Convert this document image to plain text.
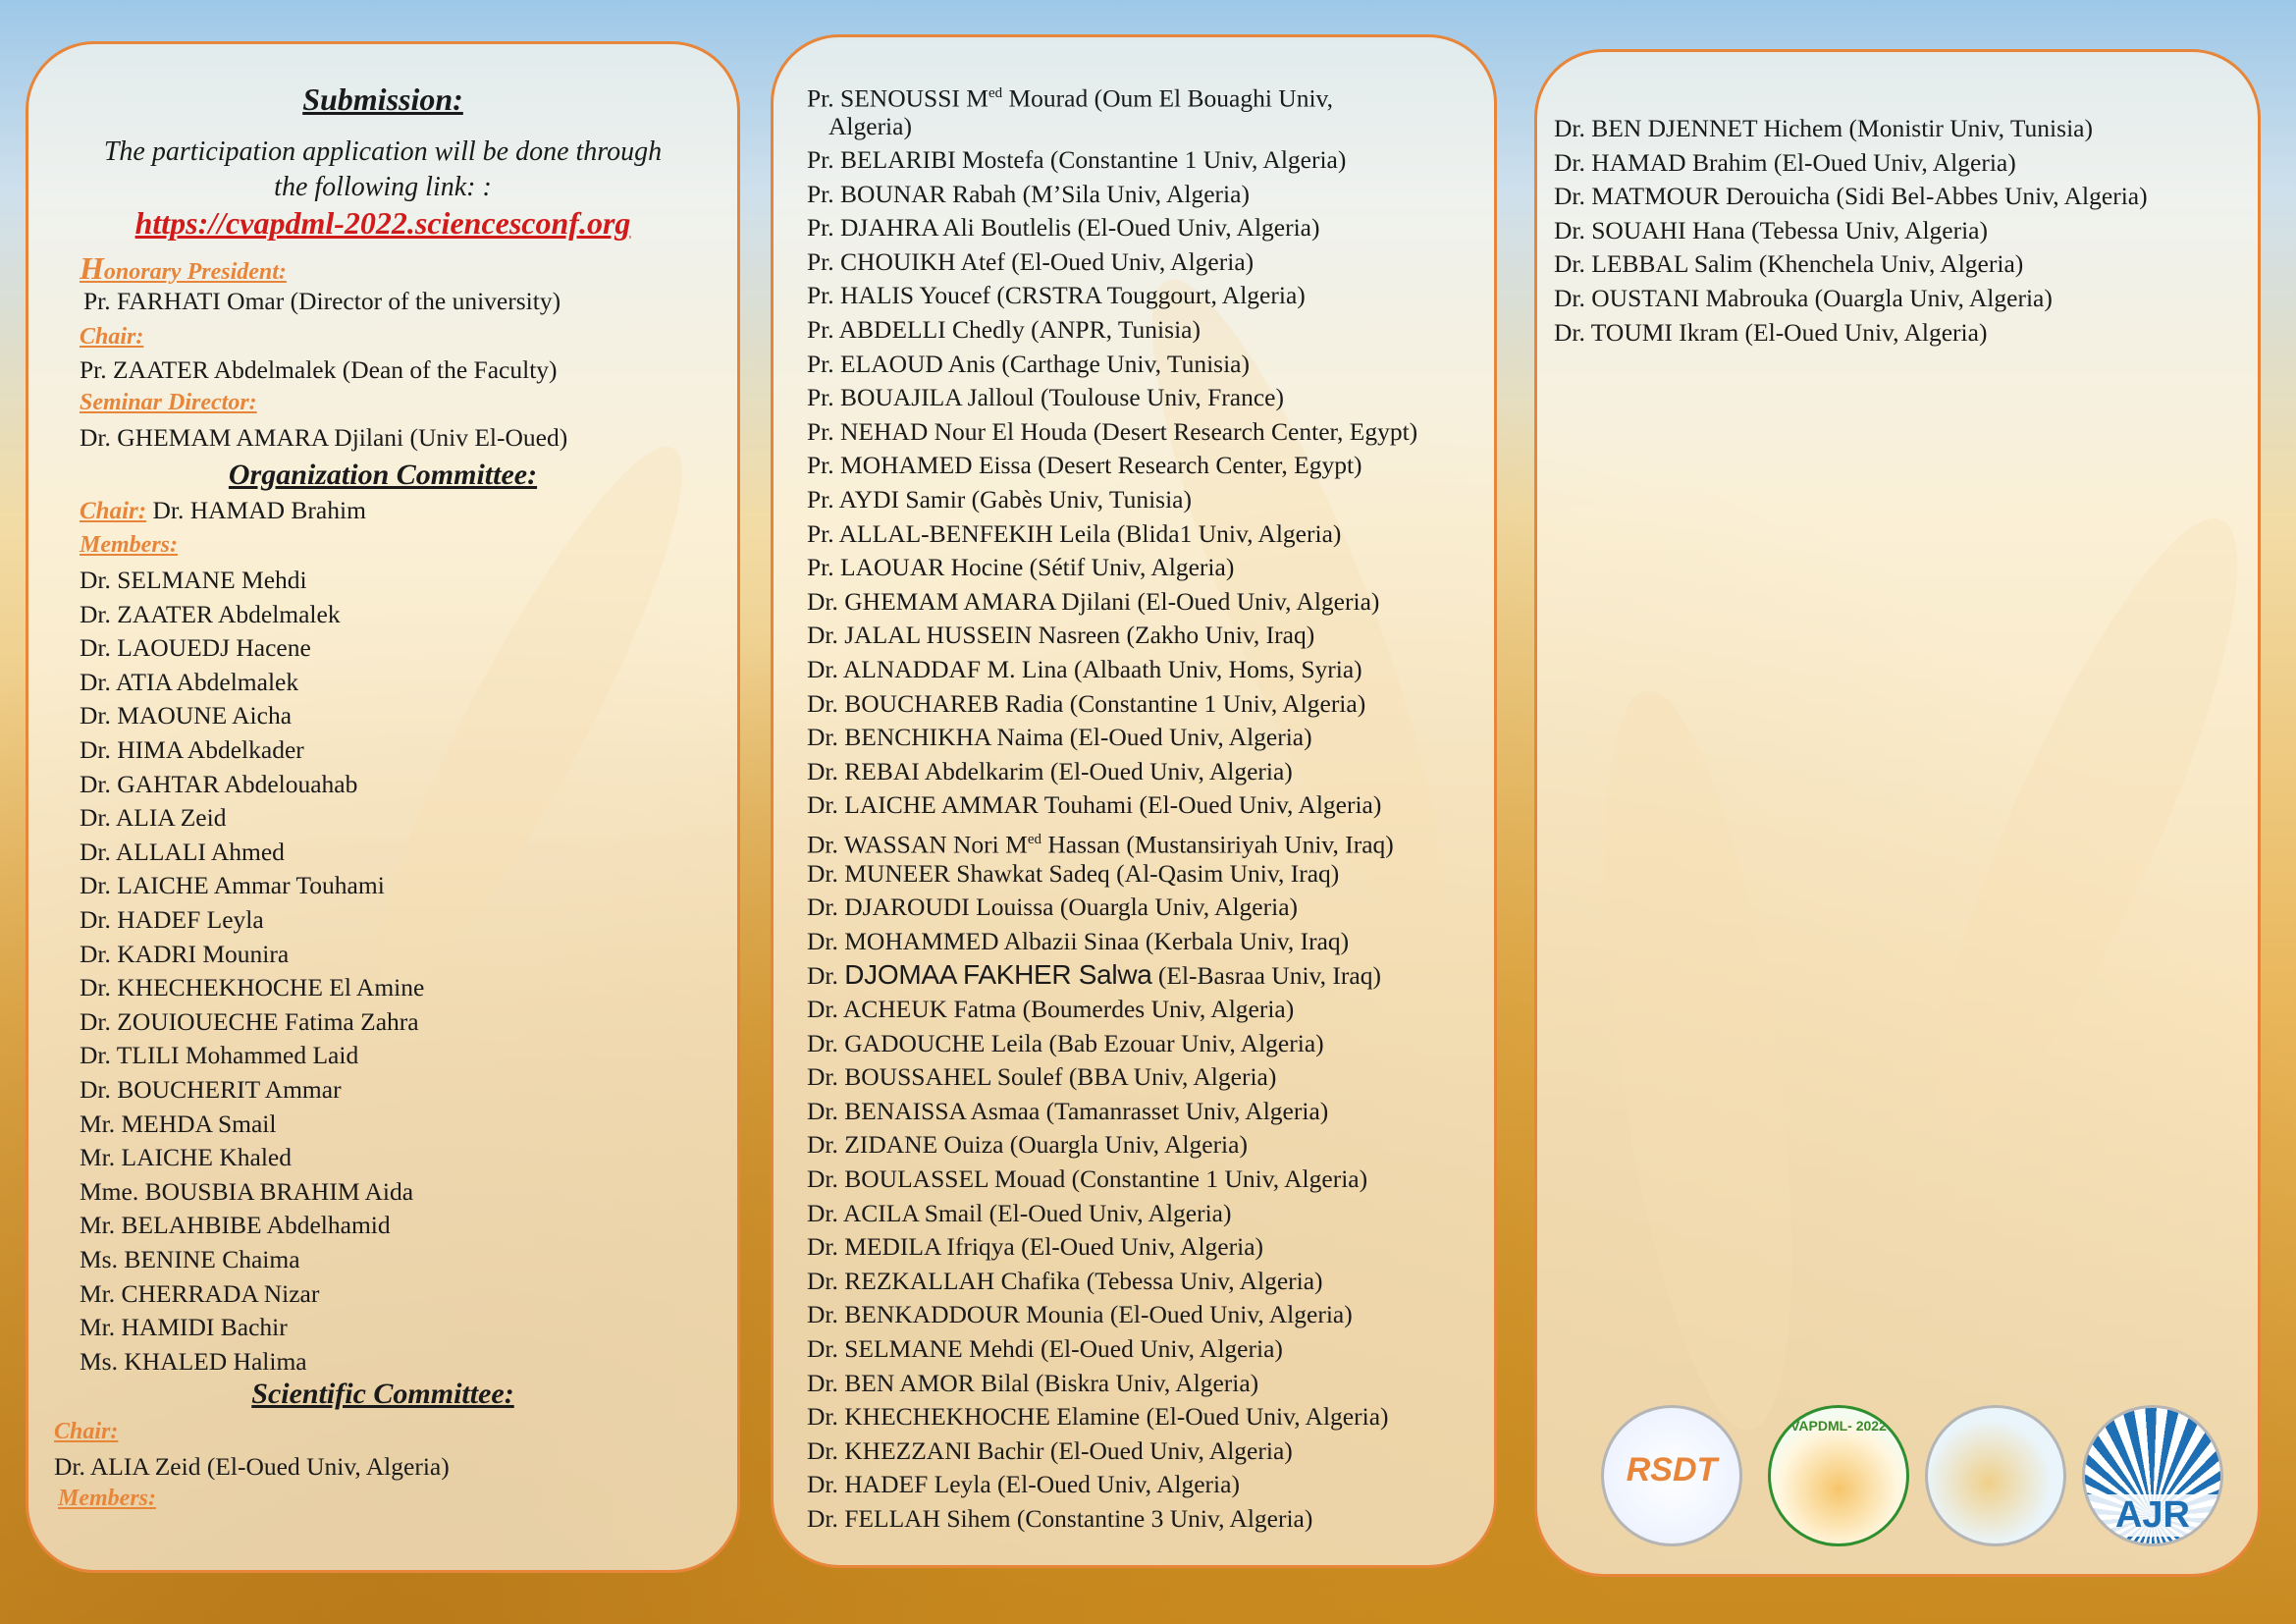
Submission:
The participation application will be done through
the following link: :
https://cvapdml-2022.sciencesconf.org
Honorary President:
Pr. FARHATI Omar (Director of the university)
Chair:
Pr. ZAATER Abdelmalek (Dean of the Faculty)
Seminar Director:
Dr. GHEMAM AMARA Djilani (Univ El-Oued)
Organization Committee:
Chair: Dr. HAMAD Brahim
Members:
Scientific Committee:
Chair:
Dr. ALIA Zeid (El-Oued Univ, Algeria)
Members:
Dr. SELMANE Mehdi
Dr. ZAATER Abdelmalek
Dr. LAOUEDJ Hacene
Dr. ATIA Abdelmalek
Dr. MAOUNE Aicha
Dr. HIMA Abdelkader
Dr. GAHTAR Abdelouahab
Dr. ALIA Zeid
Dr. ALLALI Ahmed
Dr. LAICHE Ammar Touhami
Dr. HADEF Leyla
Dr. KADRI Mounira
Dr. KHECHEKHOCHE El Amine
Dr. ZOUIOUECHE Fatima Zahra
Dr. TLILI Mohammed Laid
Dr. BOUCHERIT Ammar
Mr. MEHDA Smail
Mr. LAICHE Khaled
Mme. BOUSBIA BRAHIM Aida
Mr. BELAHBIBE Abdelhamid
Ms. BENINE Chaima
Mr. CHERRADA Nizar
Mr. HAMIDI Bachir
Ms. KHALED Halima
Pr. SENOUSSI $M^{ed}$ Mourad (Oum El Bouaghi Univ,
Algeria)
Pr. BELARIBI Mostefa (Constantine 1 Univ, Algeria)
Pr. BOUNAR Rabah (M’Sila Univ, Algeria)
Pr. DJAHRA Ali Boutlelis (El-Oued Univ, Algeria)
Pr. CHOUIKH Atef (El-Oued Univ, Algeria)
Pr. HALIS Youcef (CRSTRA Touggourt, Algeria)
Pr. ABDELLI Chedly (ANPR, Tunisia)
Pr. ELAOUD Anis (Carthage Univ, Tunisia)
Pr. BOUAJILA Jalloul (Toulouse Univ, France)
Pr. NEHAD Nour El Houda (Desert Research Center, Egypt)
Pr. MOHAMED Eissa (Desert Research Center, Egypt)
Pr. AYDI Samir (Gabès Univ, Tunisia)
Pr. ALLAL-BENFEKIH Leila (Blida1 Univ, Algeria)
Pr. LAOUAR Hocine (Sétif Univ, Algeria)
Dr. GHEMAM AMARA Djilani (El-Oued Univ, Algeria)
Dr. JALAL HUSSEIN Nasreen (Zakho Univ, Iraq)
Dr. ALNADDAF M. Lina (Albaath Univ, Homs, Syria)
Dr. BOUCHAREB Radia (Constantine 1 Univ, Algeria)
Dr. BENCHIKHA Naima (El-Oued Univ, Algeria)
Dr. REBAI Abdelkarim (El-Oued Univ, Algeria)
Dr. LAICHE AMMAR Touhami (El-Oued Univ, Algeria)
Dr. WASSAN Nori $M^{ed}$ Hassan (Mustansiriyah Univ, Iraq)
Dr. MUNEER Shawkat Sadeq (Al-Qasim Univ, Iraq)
Dr. DJAROUDI Louissa (Ouargla Univ, Algeria)
Dr. MOHAMMED Albazii Sinaa (Kerbala Univ, Iraq)
Dr. DJOMAA FAKHER Salwa (El-Basraa Univ, Iraq)
Dr. ACHEUK Fatma (Boumerdes Univ, Algeria)
Dr. GADOUCHE Leila (Bab Ezouar Univ, Algeria)
Dr. BOUSSAHEL Soulef (BBA Univ, Algeria)
Dr. BENAISSA Asmaa (Tamanrasset Univ, Algeria)
Dr. ZIDANE Ouiza (Ouargla Univ, Algeria)
Dr. BOULASSEL Mouad (Constantine 1 Univ, Algeria)
Dr. ACILA Smail (El-Oued Univ, Algeria)
Dr. MEDILA Ifriqya (El-Oued Univ, Algeria)
Dr. REZKALLAH Chafika (Tebessa Univ, Algeria)
Dr. BENKADDOUR Mounia (El-Oued Univ, Algeria)
Dr. SELMANE Mehdi (El-Oued Univ, Algeria)
Dr. BEN AMOR Bilal (Biskra Univ, Algeria)
Dr. KHECHEKHOCHE Elamine (El-Oued Univ, Algeria)
Dr. KHEZZANI Bachir (El-Oued Univ, Algeria)
Dr. HADEF Leyla (El-Oued Univ, Algeria)
Dr. FELLAH Sihem (Constantine 3 Univ, Algeria)
Dr. BEN DJENNET Hichem (Monistir Univ, Tunisia)
Dr. HAMAD Brahim (El-Oued Univ, Algeria)
Dr. MATMOUR Derouicha (Sidi Bel-Abbes Univ, Algeria)
Dr. SOUAHI Hana (Tebessa Univ, Algeria)
Dr. LEBBAL Salim (Khenchela Univ, Algeria)
Dr. OUSTANI Mabrouka (Ouargla Univ, Algeria)
Dr. TOUMI Ikram (El-Oued Univ, Algeria)
RSDT
VAPDML- 2022
AJR
